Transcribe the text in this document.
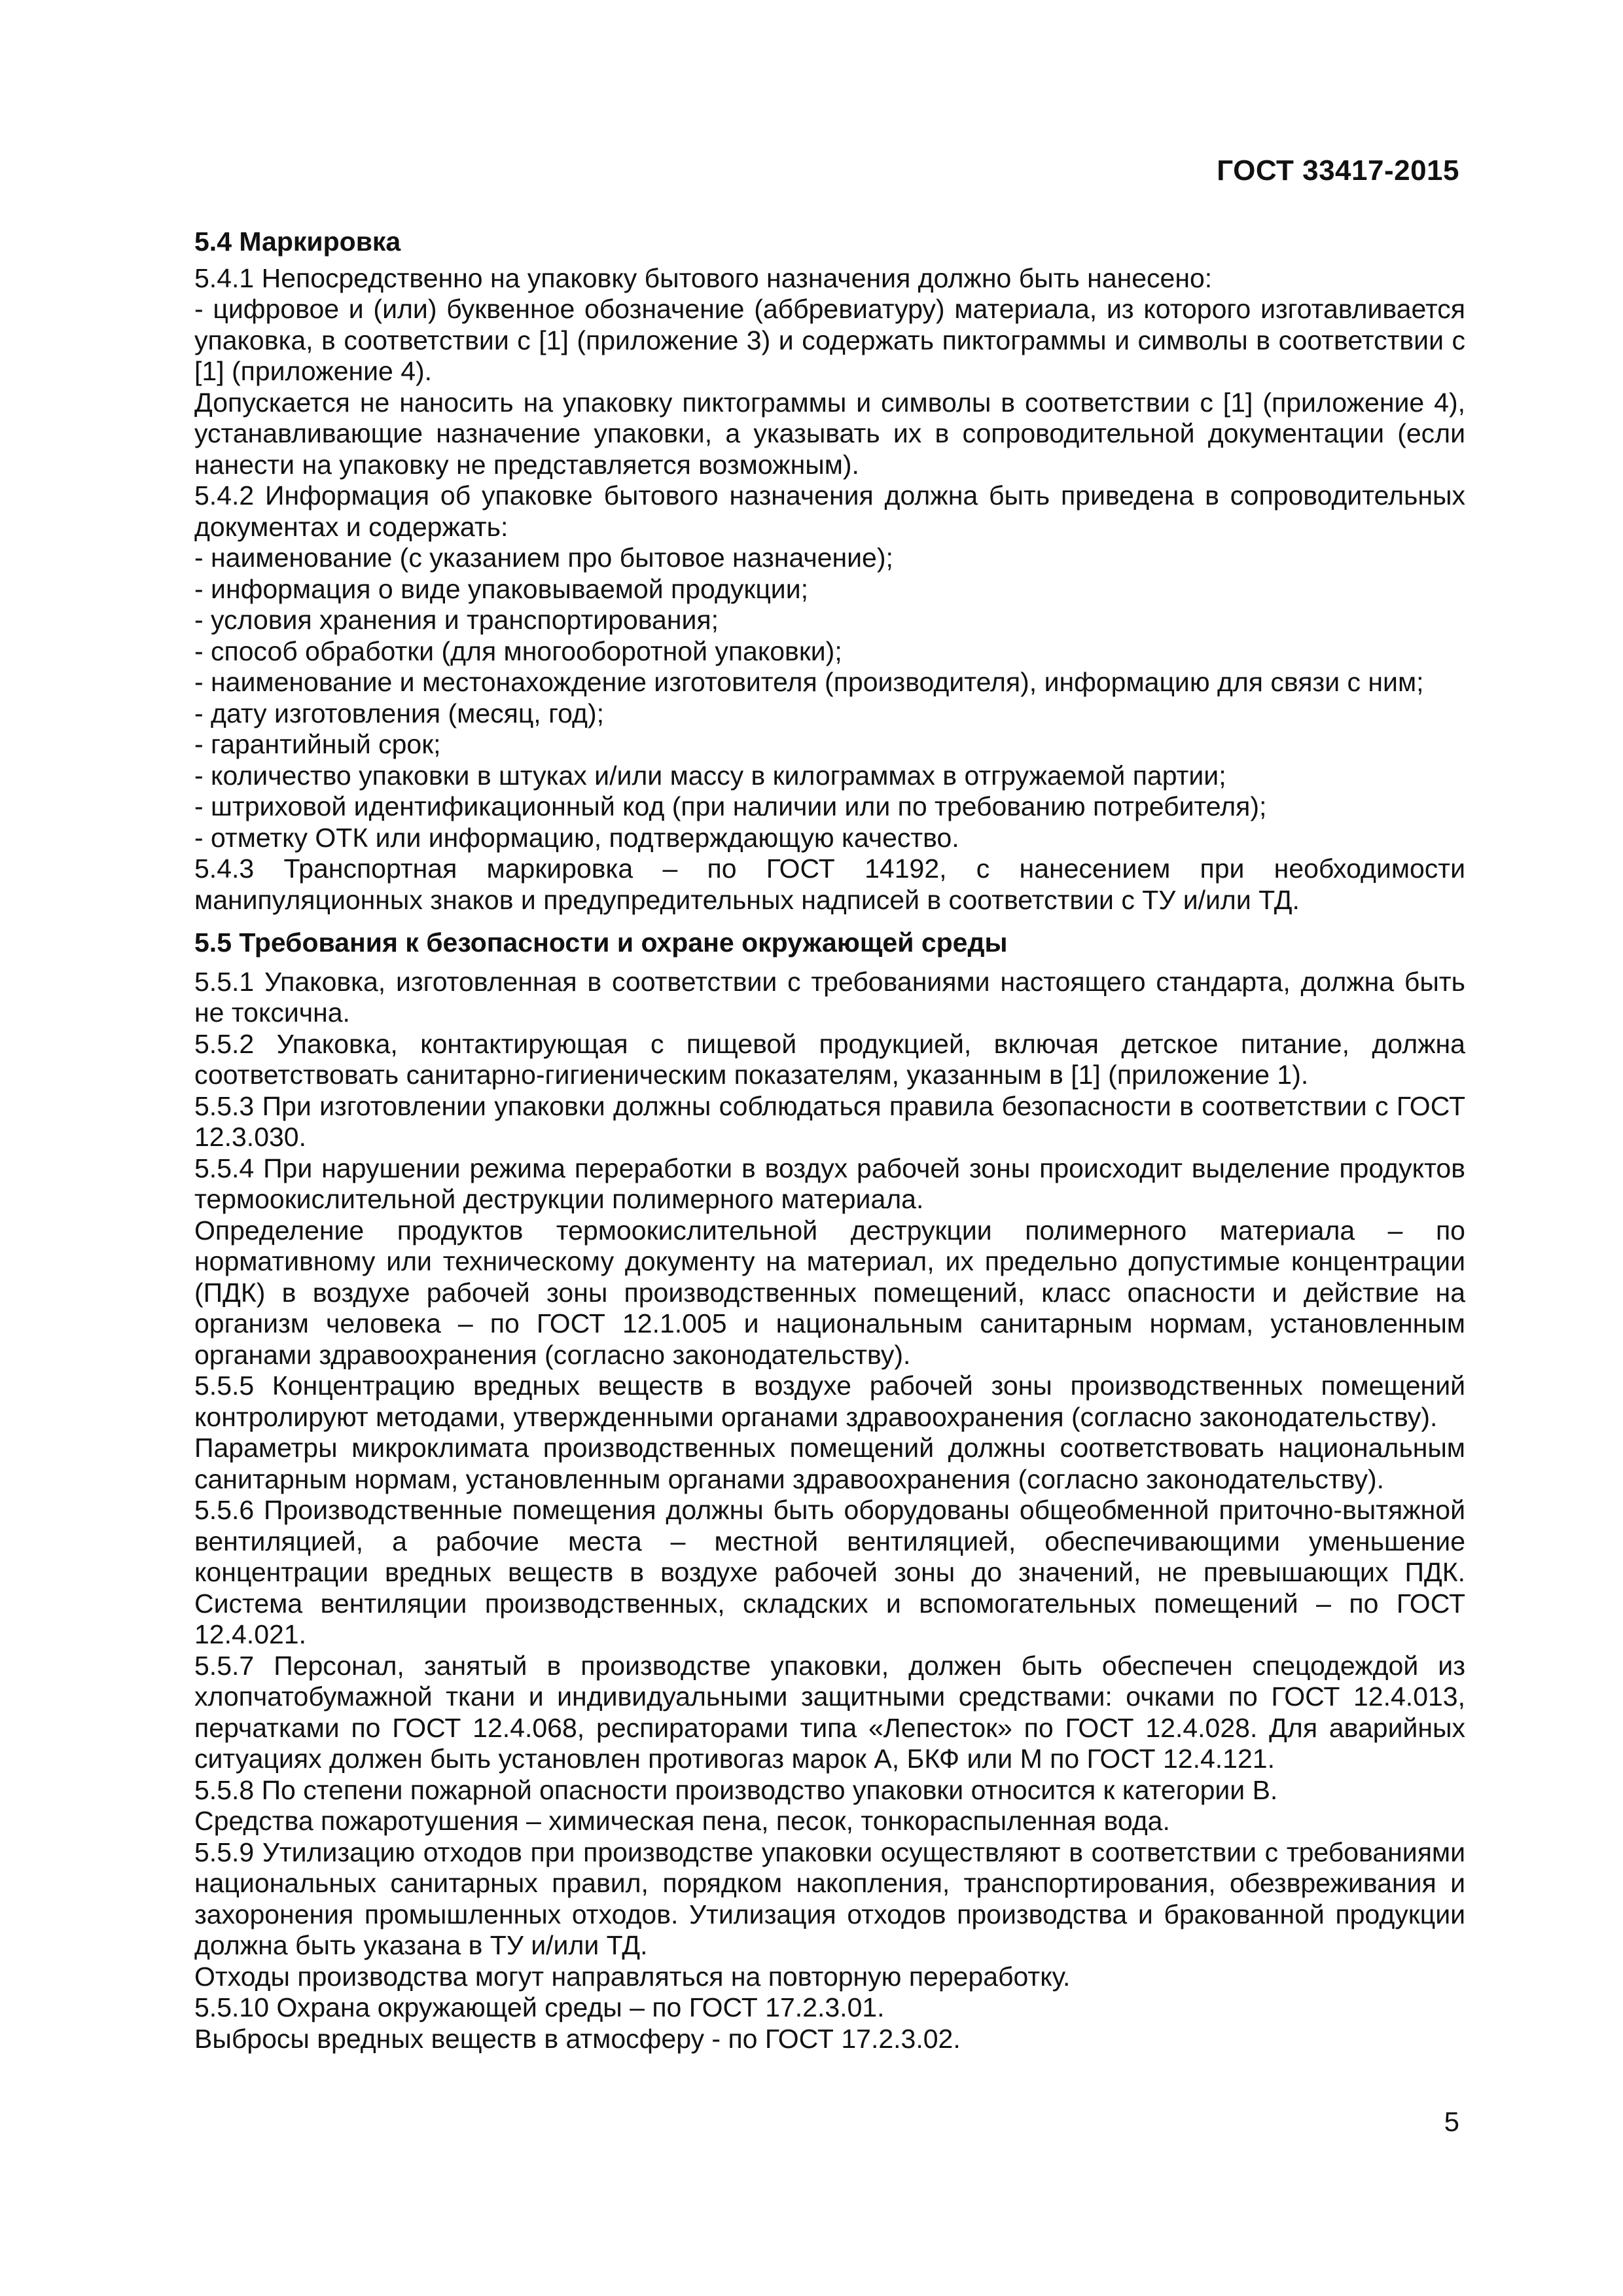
ГОСТ 33417-2015
5.4 Маркировка

5.4.1 Непосредственно на упаковку бытового назначения должно быть нанесено:

- цифровое и (или) буквенное обозначение (аббревиатуру) материала, из которого изготавливается упаковка, в соответствии с [1] (приложение 3) и содержать пиктограммы и символы в соответствии с [1] (приложение 4).

Допускается не наносить на упаковку пиктограммы и символы в соответствии с [1] (приложение 4), устанавливающие назначение упаковки, а указывать их в сопроводительной документации (если нанести на упаковку не представляется возможным).

5.4.2 Информация об упаковке бытового назначения должна быть приведена в сопроводительных документах и содержать:

- наименование (с указанием про бытовое назначение);

- информация о виде упаковываемой продукции;

- условия хранения и транспортирования;

- способ обработки (для многооборотной упаковки);

- наименование и местонахождение изготовителя (производителя), информацию для связи с ним;

- дату изготовления (месяц, год);

- гарантийный срок;

- количество упаковки в штуках и/или массу в килограммах в отгружаемой партии;

- штриховой идентификационный код (при наличии или по требованию потребителя);

- отметку ОТК или информацию, подтверждающую качество.

5.4.3 Транспортная маркировка – по ГОСТ 14192, с нанесением при необходимости манипуляционных знаков и предупредительных надписей в соответствии с ТУ и/или ТД.

5.5 Требования к безопасности и охране окружающей среды

5.5.1 Упаковка, изготовленная в соответствии с требованиями настоящего стандарта, должна быть не токсична.

5.5.2 Упаковка, контактирующая с пищевой продукцией, включая детское питание, должна соответствовать санитарно-гигиеническим показателям, указанным в [1] (приложение 1).

5.5.3 При изготовлении упаковки должны соблюдаться правила безопасности в соответствии с ГОСТ 12.3.030.

5.5.4 При нарушении режима переработки в воздух рабочей зоны происходит выделение продуктов термоокислительной деструкции полимерного материала.

Определение продуктов термоокислительной деструкции полимерного материала – по нормативному или техническому документу на материал, их предельно допустимые концентрации (ПДК) в воздухе рабочей зоны производственных помещений, класс опасности и действие на организм человека – по ГОСТ 12.1.005 и национальным санитарным нормам, установленным органами здравоохранения (согласно законодательству).

5.5.5 Концентрацию вредных веществ в воздухе рабочей зоны производственных помещений контролируют методами, утвержденными органами здравоохранения (согласно законодательству).

Параметры микроклимата производственных помещений должны соответствовать национальным санитарным нормам, установленным органами здравоохранения (согласно законодательству).

5.5.6 Производственные помещения должны быть оборудованы общеобменной приточно-вытяжной вентиляцией, а рабочие места – местной вентиляцией, обеспечивающими уменьшение концентрации вредных веществ в воздухе рабочей зоны до значений, не превышающих ПДК. Система вентиляции производственных, складских и вспомогательных помещений – по ГОСТ 12.4.021.

5.5.7 Персонал, занятый в производстве упаковки, должен быть обеспечен спецодеждой из хлопчатобумажной ткани и индивидуальными защитными средствами: очками по ГОСТ 12.4.013, перчатками по ГОСТ 12.4.068, респираторами типа «Лепесток» по ГОСТ 12.4.028. Для аварийных ситуациях должен быть установлен противогаз марок А, БКФ или М по ГОСТ 12.4.121.

5.5.8 По степени пожарной опасности производство упаковки относится к категории В.

Средства пожаротушения – химическая пена, песок, тонкораспыленная вода.

5.5.9 Утилизацию отходов при производстве упаковки осуществляют в соответствии с требованиями национальных санитарных правил, порядком накопления, транспортирования, обезвреживания и захоронения промышленных отходов. Утилизация отходов производства и бракованной продукции должна быть указана в ТУ и/или ТД.

Отходы производства могут направляться на повторную переработку.

5.5.10 Охрана окружающей среды – по ГОСТ 17.2.3.01.

Выбросы вредных веществ в атмосферу - по ГОСТ 17.2.3.02.

5
